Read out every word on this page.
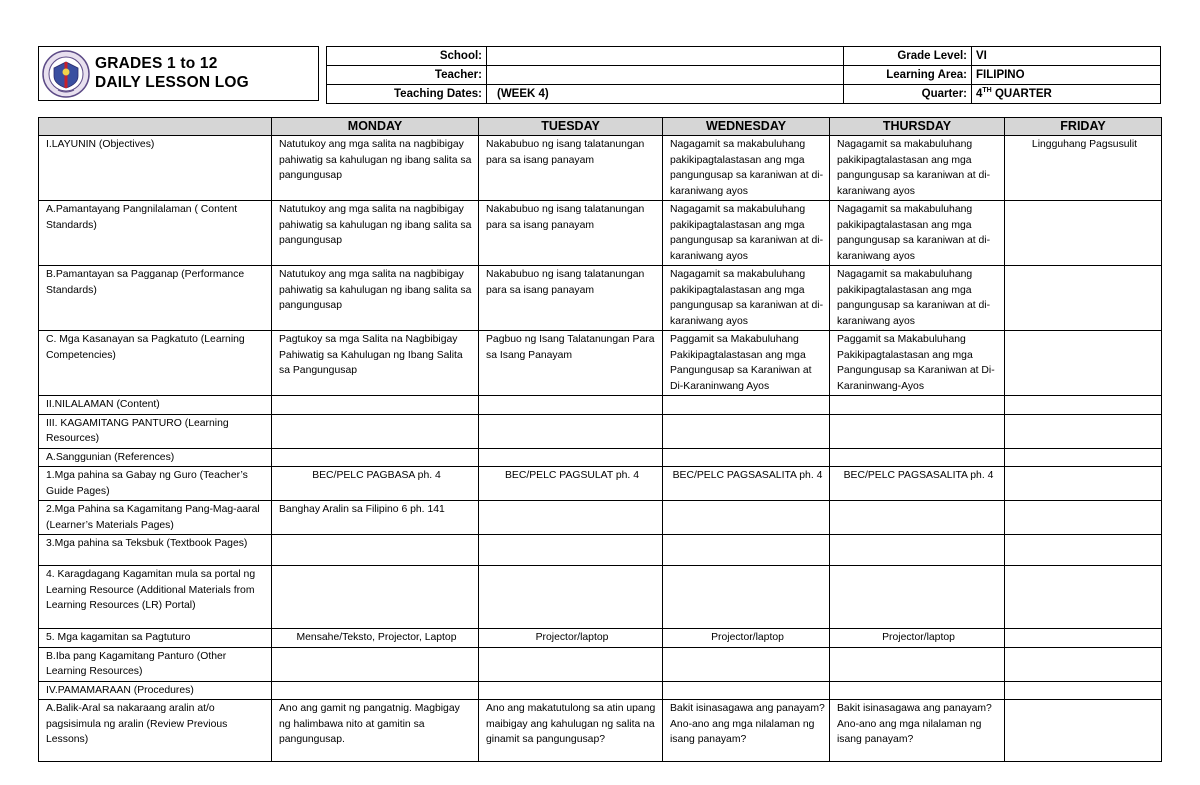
GRADES 1 to 12
DAILY LESSON LOG
School:		Grade Level:	VI
Teacher:		Learning Area:	FILIPINO
Teaching Dates:	(WEEK 4)	Quarter:	4TH QUARTER
	MONDAY	TUESDAY	WEDNESDAY	THURSDAY	FRIDAY
I.LAYUNIN (Objectives)	Natutukoy ang mga salita na nagbibigay pahiwatig sa kahulugan ng ibang salita sa pangungusap	Nakabubuo ng isang talatanungan para sa isang panayam	Nagagamit sa makabuluhang pakikipagtalastasan ang mga pangungusap sa karaniwan at di-karaniwang ayos	Nagagamit sa makabuluhang pakikipagtalastasan ang mga pangungusap sa karaniwan at di-karaniwang ayos	Lingguhang Pagsusulit
A.Pamantayang Pangnilalaman ( Content Standards)	Natutukoy ang mga salita na nagbibigay pahiwatig sa kahulugan ng ibang salita sa pangungusap	Nakabubuo ng isang talatanungan para sa isang panayam	Nagagamit sa makabuluhang pakikipagtalastasan ang mga pangungusap sa karaniwan at di-karaniwang ayos	Nagagamit sa makabuluhang pakikipagtalastasan ang mga pangungusap sa karaniwan at di-karaniwang ayos	
B.Pamantayan sa Pagganap (Performance Standards)	Natutukoy ang mga salita na nagbibigay pahiwatig sa kahulugan ng ibang salita sa pangungusap	Nakabubuo ng isang talatanungan para sa isang panayam	Nagagamit sa makabuluhang pakikipagtalastasan ang mga pangungusap sa karaniwan at di-karaniwang ayos	Nagagamit sa makabuluhang pakikipagtalastasan ang mga pangungusap sa karaniwan at di-karaniwang ayos	
C. Mga Kasanayan sa Pagkatuto (Learning Competencies)	Pagtukoy sa mga Salita na Nagbibigay Pahiwatig sa Kahulugan ng Ibang Salita sa Pangungusap	Pagbuo ng Isang Talatanungan Para sa Isang Panayam	Paggamit sa Makabuluhang Pakikipagtalastasan ang mga Pangungusap sa Karaniwan at Di-Karaninwang Ayos	Paggamit sa Makabuluhang Pakikipagtalastasan ang mga Pangungusap sa Karaniwan at Di-Karaninwang-Ayos	
II.NILALAMAN (Content)					
III. KAGAMITANG PANTURO (Learning Resources)					
A.Sanggunian (References)					
1.Mga pahina sa Gabay ng Guro (Teacher’s Guide Pages)	BEC/PELC PAGBASA ph. 4	BEC/PELC PAGSULAT ph. 4	BEC/PELC PAGSASALITA ph. 4	BEC/PELC PAGSASALITA ph. 4	
2.Mga Pahina sa Kagamitang Pang-Mag-aaral (Learner’s Materials Pages)	Banghay Aralin sa Filipino 6 ph. 141				
3.Mga pahina sa Teksbuk (Textbook Pages)					
4. Karagdagang Kagamitan mula sa portal ng Learning Resource (Additional Materials from Learning Resources (LR) Portal)					
5. Mga kagamitan sa Pagtuturo	Mensahe/Teksto, Projector, Laptop	Projector/laptop	Projector/laptop	Projector/laptop	
B.Iba pang Kagamitang Panturo (Other Learning Resources)					
IV.PAMAMARAAN (Procedures)					
A.Balik-Aral sa nakaraang aralin at/o pagsisimula ng aralin (Review Previous Lessons)	Ano ang gamit ng pangatnig. Magbigay ng halimbawa nito at gamitin sa pangungusap.	Ano ang makatutulong sa atin upang maibigay ang kahulugan ng salita na ginamit sa pangungusap?	Bakit isinasagawa ang panayam? Ano-ano ang mga nilalaman ng isang panayam?	Bakit isinasagawa ang panayam? Ano-ano ang mga nilalaman ng isang panayam?	
